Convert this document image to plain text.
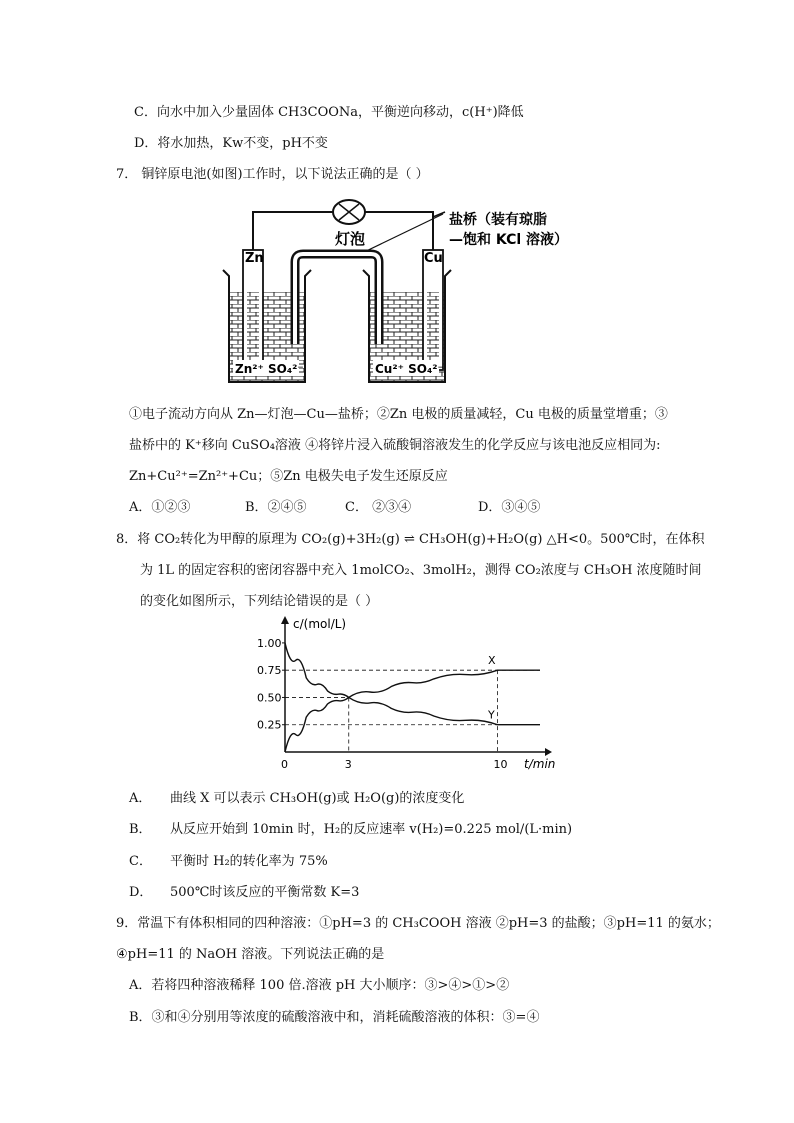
C．向水中加入少量固体 CH3COONa，平衡逆向移动，c(H⁺)降低
D．将水加热，Kw不变，pH不变
7． 铜锌原电池(如图)工作时，以下说法正确的是（ ）
Zn	Cu
灯泡
盐桥（装有琼脂
—饱和 KCl 溶液）
Zn²⁺ SO₄²⁻	Cu²⁺ SO₄²⁻
①电子流动方向从 Zn—灯泡—Cu—盐桥；②Zn 电极的质量减轻，Cu 电极的质量堂增重；③
盐桥中的 K⁺移向 CuSO₄溶液 ④将锌片浸入硫酸铜溶液发生的化学反应与该电池反应相同为:
Zn+Cu²⁺=Zn²⁺+Cu；⑤Zn 电极失电子发生还原反应
A．①②③	B．②④⑤	C． ②③④	D．③④⑤
8．将 CO₂转化为甲醇的原理为 CO₂(g)+3H₂(g) ⇌ CH₃OH(g)+H₂O(g) △H<0。500℃时，在体积
为 1L 的固定容积的密闭容器中充入 1molCO₂、3molH₂，测得 CO₂浓度与 CH₃OH 浓度随时间
的变化如图所示，下列结论错误的是（ ）
1.00
0.75
0.50
0.25
0	3	10
X
Y
c/(mol/L)
t/min
A． 曲线 X 可以表示 CH₃OH(g)或 H₂O(g)的浓度变化
B． 从反应开始到 10min 时，H₂的反应速率 v(H₂)=0.225 mol/(L·min)
C． 平衡时 H₂的转化率为 75%
D． 500℃时该反应的平衡常数 K=3
9．常温下有体积相同的四种溶液：①pH=3 的 CH₃COOH 溶液 ②pH=3 的盐酸；③pH=11 的氨水；
④pH=11 的 NaOH 溶液。下列说法正确的是
A．若将四种溶液稀释 100 倍.溶液 pH 大小顺序：③>④>①>②
B．③和④分别用等浓度的硫酸溶液中和，消耗硫酸溶液的体积：③=④
